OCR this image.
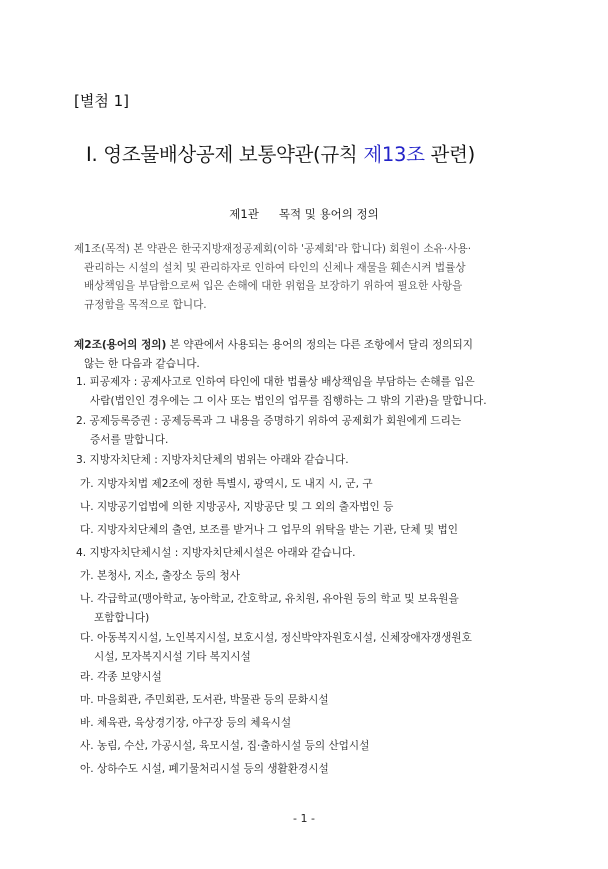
[별첨 1]
Ⅰ. 영조물배상공제 보통약관(규칙 제13조 관련)
제1관 목적 및 용어의 정의
제1조(목적) 본 약관은 한국지방재정공제회(이하 '공제회'라 합니다) 회원이 소유·사용·
관리하는 시설의 설치 및 관리하자로 인하여 타인의 신체나 재물을 훼손시켜 법률상
배상책임을 부담함으로써 입은 손해에 대한 위험을 보장하기 위하여 필요한 사항을
규정함을 목적으로 합니다.
제2조(용어의 정의) 본 약관에서 사용되는 용어의 정의는 다른 조항에서 달리 정의되지
않는 한 다음과 같습니다.
1. 피공제자 : 공제사고로 인하여 타인에 대한 법률상 배상책임을 부담하는 손해를 입은
사람(법인인 경우에는 그 이사 또는 법인의 업무를 집행하는 그 밖의 기관)을 말합니다.
2. 공제등록증권 : 공제등록과 그 내용을 증명하기 위하여 공제회가 회원에게 드리는
증서를 말합니다.
3. 지방자치단체 : 지방자치단체의 범위는 아래와 같습니다.
가. 지방자치법 제2조에 정한 특별시, 광역시, 도 내지 시, 군, 구
나. 지방공기업법에 의한 지방공사, 지방공단 및 그 외의 출자법인 등
다. 지방자치단체의 출연, 보조를 받거나 그 업무의 위탁을 받는 기관, 단체 및 법인
4. 지방자치단체시설 : 지방자치단체시설은 아래와 같습니다.
가. 본청사, 지소, 출장소 등의 청사
나. 각급학교(맹아학교, 농아학교, 간호학교, 유치원, 유아원 등의 학교 및 보육원을
포함합니다)
다. 아동복지시설, 노인복지시설, 보호시설, 정신박약자원호시설, 신체장애자갱생원호
시설, 모자복지시설 기타 복지시설
라. 각종 보양시설
마. 마을회관, 주민회관, 도서관, 박물관 등의 문화시설
바. 체육관, 육상경기장, 야구장 등의 체육시설
사. 농림, 수산, 가공시설, 육모시설, 집·출하시설 등의 산업시설
아. 상하수도 시설, 폐기물처리시설 등의 생활환경시설
- 1 -
